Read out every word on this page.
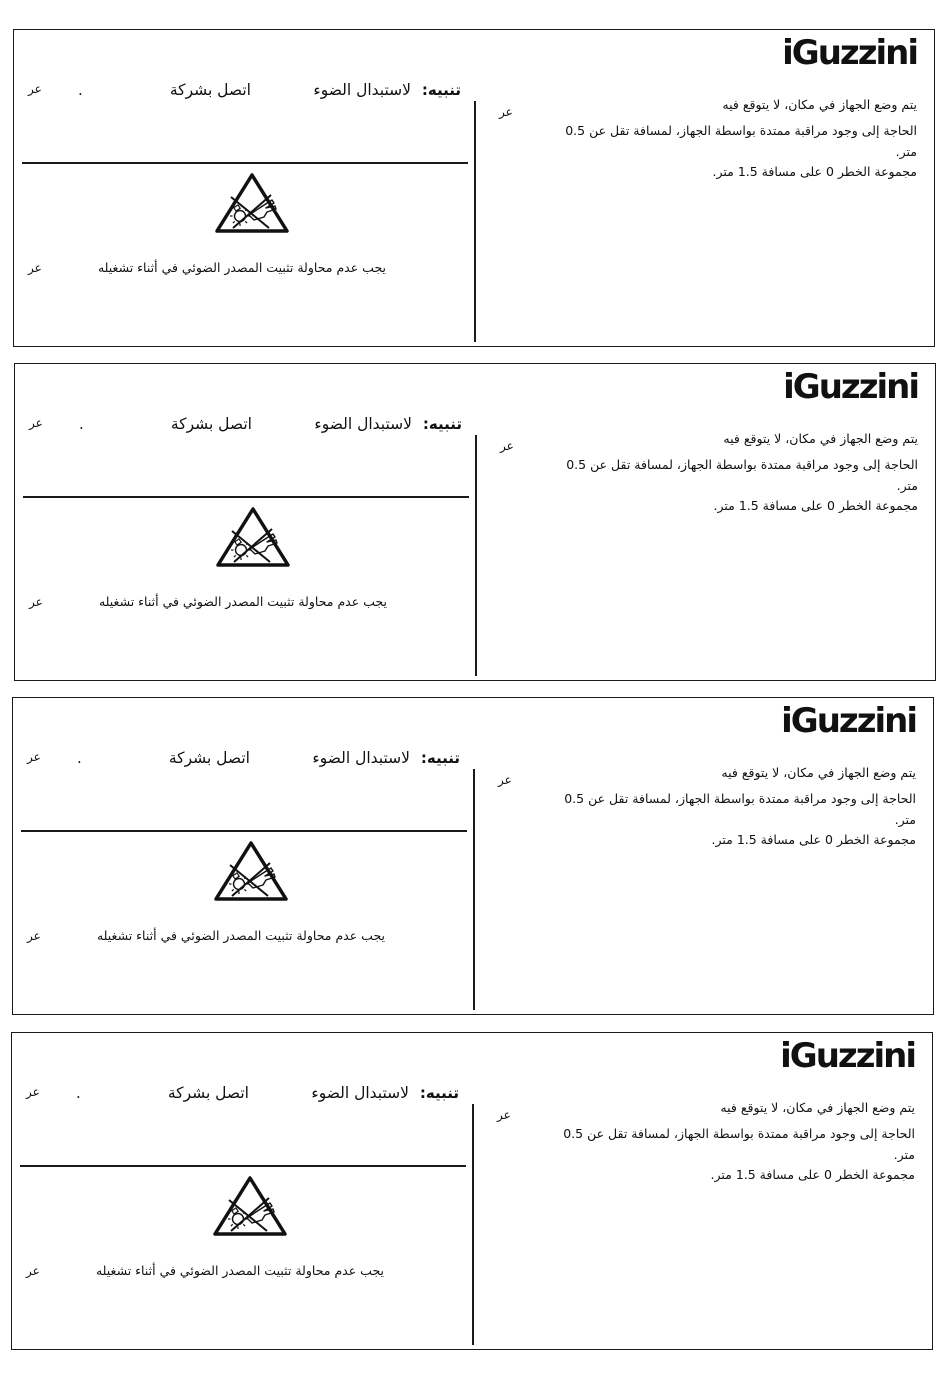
تنبيه:
لاستبدال الضوء
اتصل بشركة
.
عر
يجب عدم محاولة تثبيت المصدر الضوئي في أثناء تشغيله
عر
iGuzzini
عر	يتم وضع الجهاز في مكان، لا يتوقع فيه
الحاجة إلى وجود مراقبة ممتدة بواسطة الجهاز، لمسافة تقل عن 0.5
متر.
مجموعة الخطر 0 على مسافة 1.5 متر.
تنبيه:
لاستبدال الضوء
اتصل بشركة
.
عر
يجب عدم محاولة تثبيت المصدر الضوئي في أثناء تشغيله
عر
iGuzzini
عر	يتم وضع الجهاز في مكان، لا يتوقع فيه
الحاجة إلى وجود مراقبة ممتدة بواسطة الجهاز، لمسافة تقل عن 0.5
متر.
مجموعة الخطر 0 على مسافة 1.5 متر.
تنبيه:
لاستبدال الضوء
اتصل بشركة
.
عر
يجب عدم محاولة تثبيت المصدر الضوئي في أثناء تشغيله
عر
iGuzzini
عر	يتم وضع الجهاز في مكان، لا يتوقع فيه
الحاجة إلى وجود مراقبة ممتدة بواسطة الجهاز، لمسافة تقل عن 0.5
متر.
مجموعة الخطر 0 على مسافة 1.5 متر.
تنبيه:
لاستبدال الضوء
اتصل بشركة
.
عر
يجب عدم محاولة تثبيت المصدر الضوئي في أثناء تشغيله
عر
iGuzzini
عر	يتم وضع الجهاز في مكان، لا يتوقع فيه
الحاجة إلى وجود مراقبة ممتدة بواسطة الجهاز، لمسافة تقل عن 0.5
متر.
مجموعة الخطر 0 على مسافة 1.5 متر.
